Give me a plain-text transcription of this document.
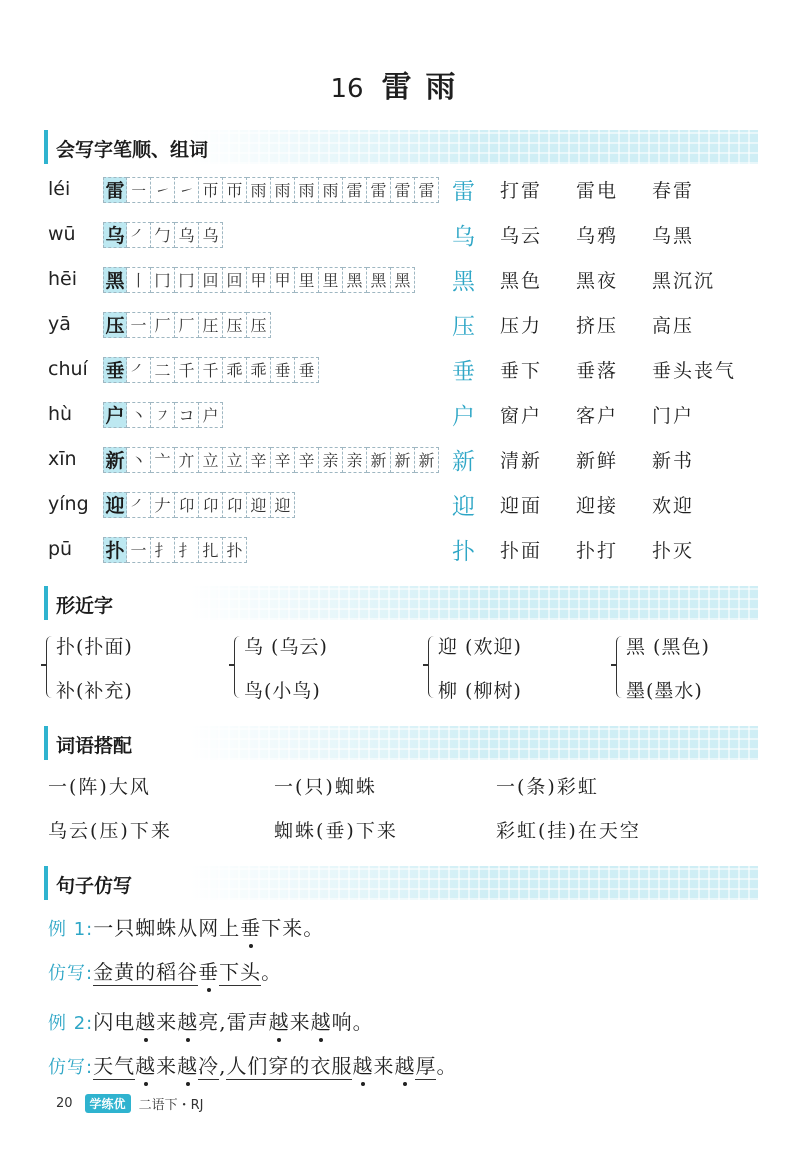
16 雷雨
会写字笔顺、组词
léi 雷 ㇐ ㇀ ㇀ 帀 帀 雨 雨 雨 雨 雷 雷 雷 雷 雷 打雷	雷电	春雷
wū 乌 ㇒ 勹 乌 乌	乌 乌云	乌鸦	乌黑
hēi 黑 丨 冂 冂 回 回 甲 甲 里 里 黑 黑 黑 黑 黑色	黑夜	黑沉沉
yā 压 一 厂 厂 圧 压 压	压 压力	挤压	高压
chuí 垂 ㇒ 二 千 千 乖 乖 垂 垂	垂 垂下	垂落	垂头丧气
hù 户 丶 ㇇ コ 户	户 窗户	客户	门户
xīn 新 丶 亠 亣 立 立 辛 辛 辛 亲 亲 新 新 新 新 清新	新鲜	新书
yíng 迎 ㇒ 𠂇 卬 卬 卬 迎 迎	迎 迎面	迎接	欢迎
pū 扑 一 扌 扌 扎 扑	扑 扑面	扑打	扑灭
形近字
扑(扑面)
补(补充)
乌 (乌云)
鸟(小鸟)
迎 (欢迎)
柳 (柳树)
黑 (黑色)
墨(墨水)
词语搭配
一(阵)大风	一(只)蜘蛛	一(条)彩虹
乌云(压)下来	蜘蛛(垂)下来	彩虹(挂)在天空
句子仿写
例 1:一只蜘蛛从网上垂下来。
仿写:金黄的稻谷垂下头。
例 2:闪电越来越亮,雷声越来越响。
仿写:天气越来越冷,人们穿的衣服越来越厚。
20	学练优	二语下・RJ
